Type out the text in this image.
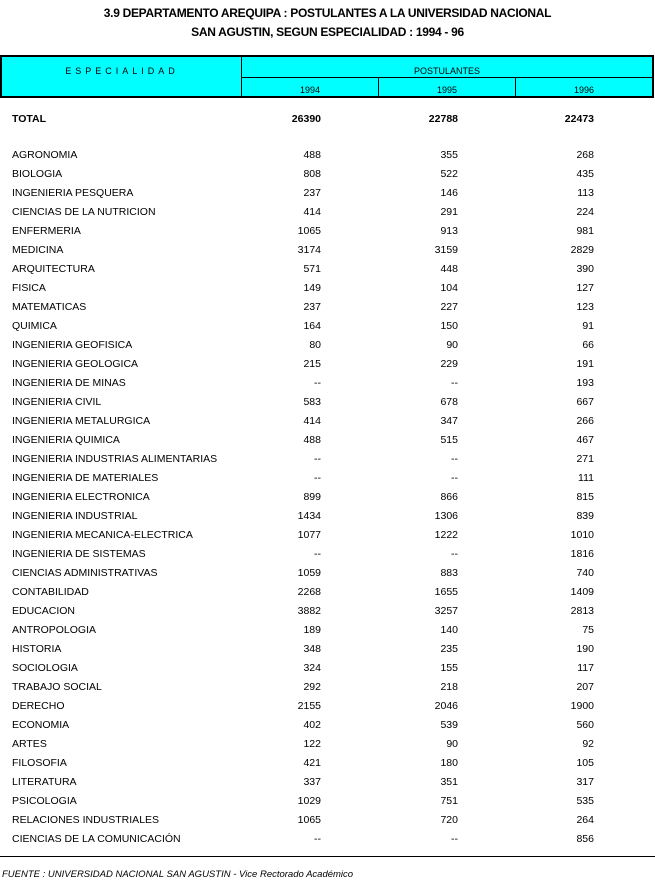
3.9 DEPARTAMENTO AREQUIPA : POSTULANTES A LA UNIVERSIDAD NACIONAL
SAN AGUSTIN, SEGUN ESPECIALIDAD : 1994 - 96
ESPECIALIDAD	POSTULANTES
1994	1995	1996
TOTAL	26390	22788	22473
AGRONOMIA	488	355	268
BIOLOGIA	808	522	435
INGENIERIA PESQUERA	237	146	113
CIENCIAS DE LA NUTRICION	414	291	224
ENFERMERIA	1065	913	981
MEDICINA	3174	3159	2829
ARQUITECTURA	571	448	390
FISICA	149	104	127
MATEMATICAS	237	227	123
QUIMICA	164	150	91
INGENIERIA GEOFISICA	80	90	66
INGENIERIA GEOLOGICA	215	229	191
INGENIERIA DE MINAS	--	--	193
INGENIERIA CIVIL	583	678	667
INGENIERIA METALURGICA	414	347	266
INGENIERIA QUIMICA	488	515	467
INGENIERIA INDUSTRIAS ALIMENTARIAS	--	--	271
INGENIERIA DE MATERIALES	--	--	111
INGENIERIA ELECTRONICA	899	866	815
INGENIERIA INDUSTRIAL	1434	1306	839
INGENIERIA MECANICA-ELECTRICA	1077	1222	1010
INGENIERIA DE SISTEMAS	--	--	1816
CIENCIAS ADMINISTRATIVAS	1059	883	740
CONTABILIDAD	2268	1655	1409
EDUCACION	3882	3257	2813
ANTROPOLOGIA	189	140	75
HISTORIA	348	235	190
SOCIOLOGIA	324	155	117
TRABAJO SOCIAL	292	218	207
DERECHO	2155	2046	1900
ECONOMIA	402	539	560
ARTES	122	90	92
FILOSOFIA	421	180	105
LITERATURA	337	351	317
PSICOLOGIA	1029	751	535
RELACIONES INDUSTRIALES	1065	720	264
CIENCIAS DE LA COMUNICACIÓN	--	--	856
FUENTE : UNIVERSIDAD NACIONAL SAN AGUSTIN - Vice Rectorado Académico
